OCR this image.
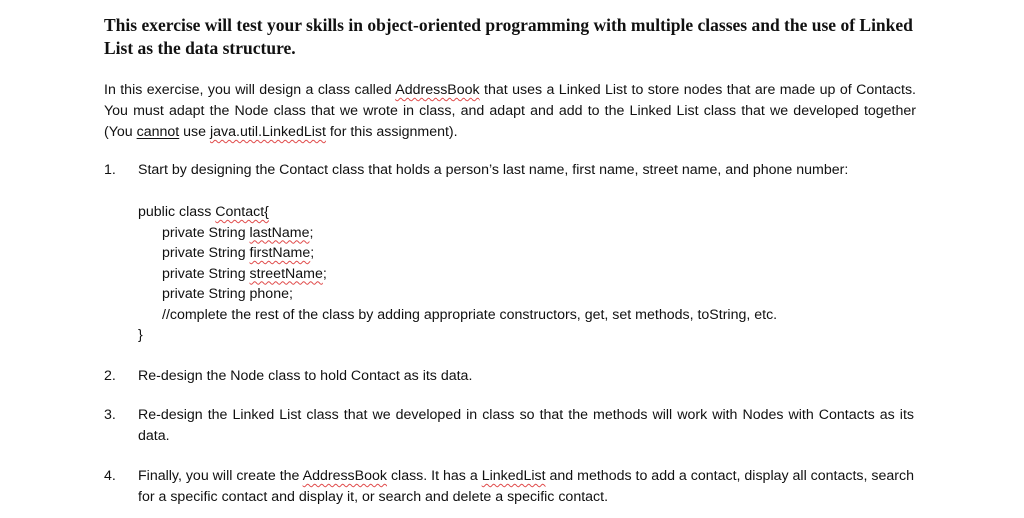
This exercise will test your skills in object-oriented programming with multiple classes and the use of Linked List as the data structure.

In this exercise, you will design a class called AddressBook that uses a Linked List to store nodes that are made up of Contacts. You must adapt the Node class that we wrote in class, and adapt and add to the Linked List class that we developed together (You cannot use java.util.LinkedList for this assignment).

1. Start by designing the Contact class that holds a person’s last name, first name, street name, and phone number:

public class Contact{
private String lastName;
private String firstName;
private String streetName;
private String phone;
//complete the rest of the class by adding appropriate constructors, get, set methods, toString, etc.
}
2. Re-design the Node class to hold Contact as its data.

3. Re-design the Linked List class that we developed in class so that the methods will work with Nodes with Contacts as its data.

4. Finally, you will create the AddressBook class. It has a LinkedList and methods to add a contact, display all contacts, search for a specific contact and display it, or search and delete a specific contact.
